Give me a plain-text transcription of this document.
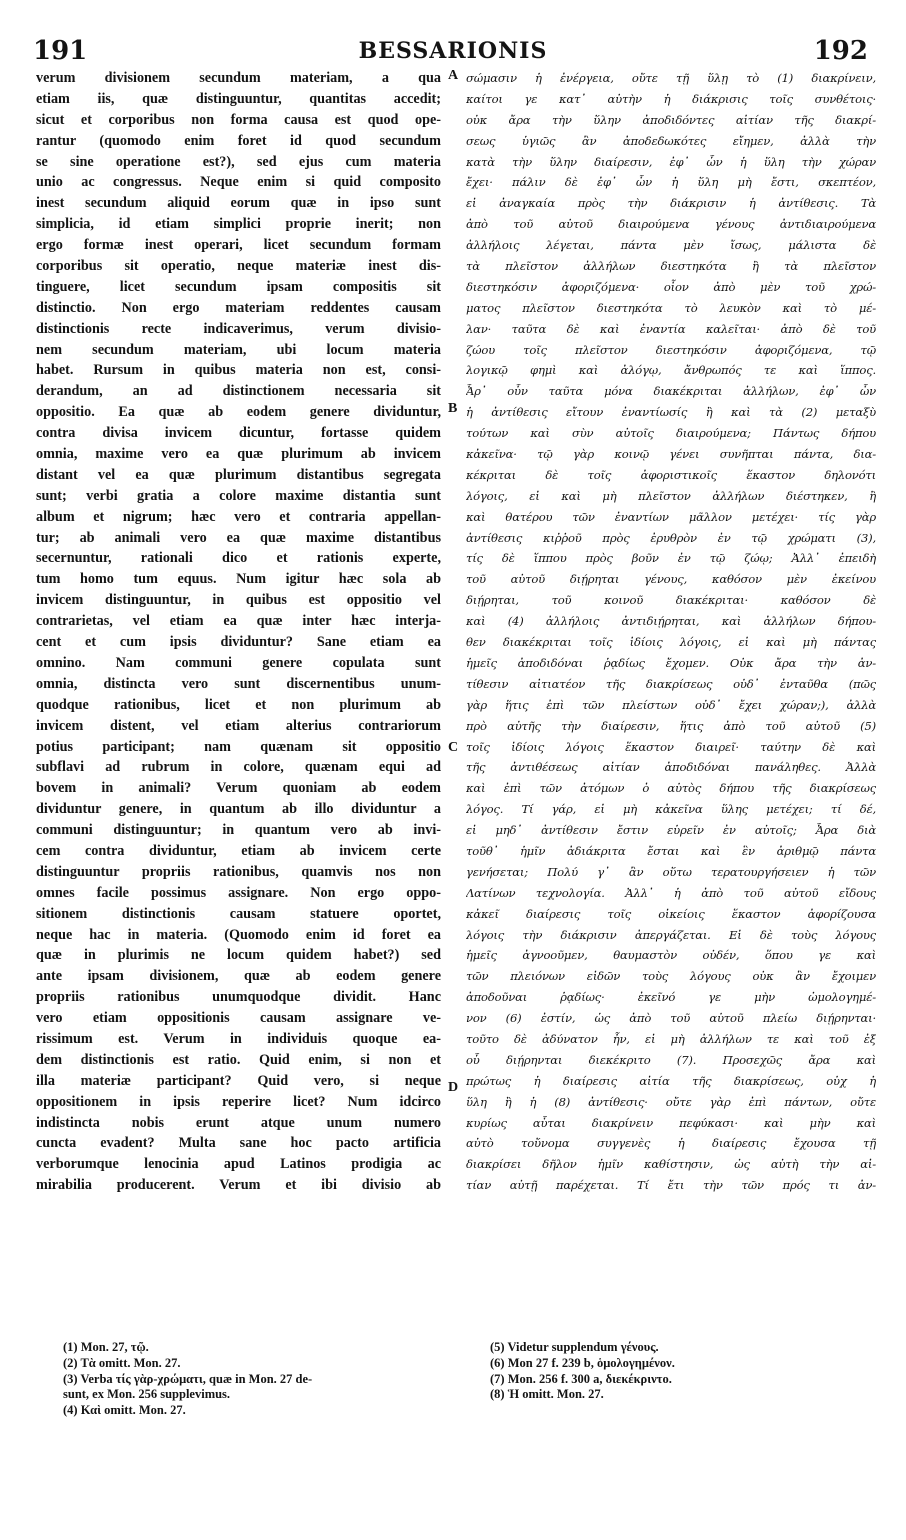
191	BESSARIONIS	192
verum divisionem secundum materiam, a qua
etiam iis, quæ distinguuntur, quantitas accedit;
sicut et corporibus non forma causa est quod ope-
rantur (quomodo enim foret id quod secundum
se sine operatione est?), sed ejus cum materia
unio ac congressus. Neque enim si quid composito
inest secundum aliquid eorum quæ in ipso sunt
simplicia, id etiam simplici proprie inerit; non
ergo formæ inest operari, licet secundum formam
corporibus sit operatio, neque materiæ inest dis-
tinguere, licet secundum ipsam compositis sit
distinctio. Non ergo materiam reddentes causam
distinctionis recte indicaverimus, verum divisio-
nem secundum materiam, ubi locum materia
habet. Rursum in quibus materia non est, consi-
derandum, an ad distinctionem necessaria sit
oppositio. Ea quæ ab eodem genere dividuntur,
contra divisa invicem dicuntur, fortasse quidem
omnia, maxime vero ea quæ plurimum ab invicem
distant vel ea quæ plurimum distantibus segregata
sunt; verbi gratia a colore maxime distantia sunt
album et nigrum; hæc vero et contraria appellan-
tur; ab animali vero ea quæ maxime distantibus
secernuntur, rationali dico et rationis experte,
tum homo tum equus. Num igitur hæc sola ab
invicem distinguuntur, in quibus est oppositio vel
contrarietas, vel etiam ea quæ inter hæc interja-
cent et cum ipsis dividuntur? Sane etiam ea
omnino. Nam communi genere copulata sunt
omnia, distincta vero sunt discernentibus unum-
quodque rationibus, licet et non plurimum ab
invicem distent, vel etiam alterius contrariorum
potius participant; nam quænam sit oppositio
subflavi ad rubrum in colore, quænam equi ad
bovem in animali? Verum quoniam ab eodem
dividuntur genere, in quantum ab illo dividuntur a
communi distinguuntur; in quantum vero ab invi-
cem contra dividuntur, etiam ab invicem certe
distinguuntur propriis rationibus, quamvis nos non
omnes facile possimus assignare. Non ergo oppo-
sitionem distinctionis causam statuere oportet,
neque hac in materia. (Quomodo enim id foret ea
quæ in plurimis ne locum quidem habet?) sed
ante ipsam divisionem, quæ ab eodem genere
propriis rationibus unumquodque dividit. Hanc
vero etiam oppositionis causam assignare ve-
rissimum est. Verum in individuis quoque ea-
dem distinctionis est ratio. Quid enim, si non et
illa materiæ participant? Quid vero, si neque
oppositionem in ipsis reperire licet? Num idcirco
indistincta nobis erunt atque unum numero
cuncta evadent? Multa sane hoc pacto artificia
verborumque lenocinia apud Latinos prodigia ac
mirabilia producerent. Verum et ibi divisio ab
σώμασιν ἡ ἐνέργεια, οὔτε τῇ ὕλῃ τὸ (1) διακρίνειν,
καίτοι γε κατ᾽ αὐτὴν ἡ διάκρισις τοῖς συνθέτοις·
οὐκ ἄρα τὴν ὕλην ἀποδιδόντες αἰτίαν τῆς διακρί-
σεως ὑγιῶς ἂν ἀποδεδωκότες εἴημεν, ἀλλὰ τὴν
κατὰ τὴν ὕλην διαίρεσιν, ἐφ᾽ ὧν ἡ ὕλη τὴν χώραν
ἔχει· πάλιν δὲ ἐφ᾽ ὧν ἡ ὕλη μὴ ἔστι, σκεπτέον,
εἰ ἀναγκαία πρὸς τὴν διάκρισιν ἡ ἀντίθεσις. Τὰ
ἀπὸ τοῦ αὐτοῦ διαιρούμενα γένους ἀντιδιαιρούμενα
ἀλλήλοις λέγεται, πάντα μὲν ἴσως, μάλιστα δὲ
τὰ πλεῖστον ἀλλήλων διεστηκότα ἢ τὰ πλεῖστον
διεστηκόσιν ἀφοριζόμενα· οἷον ἀπὸ μὲν τοῦ χρώ-
ματος πλεῖστον διεστηκότα τὸ λευκὸν καὶ τὸ μέ-
λαν· ταῦτα δὲ καὶ ἐναντία καλεῖται· ἀπὸ δὲ τοῦ
ζώου τοῖς πλεῖστον διεστηκόσιν ἀφοριζόμενα, τῷ
λογικῷ φημὶ καὶ ἀλόγῳ, ἄνθρωπός τε καὶ ἵππος.
Ἆρ᾽ οὖν ταῦτα μόνα διακέκριται ἀλλήλων, ἐφ᾽ ὧν
ἡ ἀντίθεσις εἴτουν ἐναντίωσίς ἢ καὶ τὰ (2) μεταξὺ
τούτων καὶ σὺν αὐτοῖς διαιρούμενα; Πάντως δήπου
κἀκεῖνα· τῷ γὰρ κοινῷ γένει συνῆπται πάντα, δια-
κέκριται δὲ τοῖς ἀφοριστικοῖς ἕκαστον δηλονότι
λόγοις, εἰ καὶ μὴ πλεῖστον ἀλλήλων διέστηκεν, ἢ
καὶ θατέρου τῶν ἐναντίων μᾶλλον μετέχει· τίς γὰρ
ἀντίθεσις κιῤῥοῦ πρὸς ἐρυθρὸν ἐν τῷ χρώματι (3),
τίς δὲ ἵππου πρὸς βοῦν ἐν τῷ ζώῳ; Ἀλλ᾽ ἐπειδὴ
τοῦ αὐτοῦ διῄρηται γένους, καθόσον μὲν ἐκείνου
διῄρηται, τοῦ κοινοῦ διακέκριται· καθόσον δὲ
καὶ (4) ἀλλήλοις ἀντιδιῄρηται, καὶ ἀλλήλων δήπου-
θεν διακέκριται τοῖς ἰδίοις λόγοις, εἰ καὶ μὴ πάντας
ἡμεῖς ἀποδιδόναι ῥᾳδίως ἔχομεν. Οὐκ ἄρα τὴν ἀν-
τίθεσιν αἰτιατέον τῆς διακρίσεως οὐδ᾽ ἐνταῦθα (πῶς
γὰρ ἥτις ἐπὶ τῶν πλείστων οὐδ᾽ ἔχει χώραν;), ἀλλὰ
πρὸ αὐτῆς τὴν διαίρεσιν, ἥτις ἀπὸ τοῦ αὐτοῦ (5)
τοῖς ἰδίοις λόγοις ἕκαστον διαιρεῖ· ταύτην δὲ καὶ
τῆς ἀντιθέσεως αἰτίαν ἀποδιδόναι πανάληθες. Ἀλλὰ
καὶ ἐπὶ τῶν ἀτόμων ὁ αὐτὸς δήπου τῆς διακρίσεως
λόγος. Τί γάρ, εἰ μὴ κἀκεῖνα ὕλης μετέχει; τί δέ,
εἰ μηδ᾽ ἀντίθεσιν ἔστιν εὑρεῖν ἐν αὐτοῖς; Ἆρα διὰ
τοῦθ᾽ ἡμῖν ἀδιάκριτα ἔσται καὶ ἓν ἀριθμῷ πάντα
γενήσεται; Πολύ γ᾽ ἂν οὕτω τερατουργήσειεν ἡ τῶν
Λατίνων τεχνολογία. Ἀλλ᾽ ἡ ἀπὸ τοῦ αὐτοῦ εἴδους
κἀκεῖ διαίρεσις τοῖς οἰκείοις ἕκαστον ἀφορίζουσα
λόγοις τὴν διάκρισιν ἀπεργάζεται. Εἰ δὲ τοὺς λόγους
ἡμεῖς ἀγνοοῦμεν, θαυμαστὸν οὐδέν, ὅπου γε καὶ
τῶν πλειόνων εἰδῶν τοὺς λόγους οὐκ ἂν ἔχοιμεν
ἀποδοῦναι ῥᾳδίως· ἐκεῖνό γε μὴν ὡμολογημέ-
νον (6) ἐστίν, ὡς ἀπὸ τοῦ αὐτοῦ πλείω διῄρηνται·
τοῦτο δὲ ἀδύνατον ἦν, εἰ μὴ ἀλλήλων τε καὶ τοῦ ἐξ
οὗ διῄρηνται διεκέκριτο (7). Προσεχῶς ἄρα καὶ
πρώτως ἡ διαίρεσις αἰτία τῆς διακρίσεως, οὐχ ἡ
ὕλη ἢ ἡ (8) ἀντίθεσις· οὔτε γὰρ ἐπὶ πάντων, οὔτε
κυρίως αὗται διακρίνειν πεφύκασι· καὶ μὴν καὶ
αὐτὸ τοὔνομα συγγενὲς ἡ διαίρεσις ἔχουσα τῇ
διακρίσει δῆλον ἡμῖν καθίστησιν, ὡς αὐτὴ τὴν αἰ-
τίαν αὐτῇ παρέχεται. Τί ἔτι τὴν τῶν πρός τι ἀν-
A
B
C
D
(1) Mon. 27, τῷ.
(2) Τὰ omitt. Mon. 27.
(3) Verba τίς γὰρ-χρώματι, quæ in Mon. 27 de-
sunt, ex Mon. 256 supplevimus.
(4) Καὶ omitt. Mon. 27.
(5) Videtur supplendum γένους.
(6) Mon 27 f. 239 b, ὁμολογημένον.
(7) Mon. 256 f. 300 a, διεκέκριντο.
(8) Ἡ omitt. Mon. 27.
